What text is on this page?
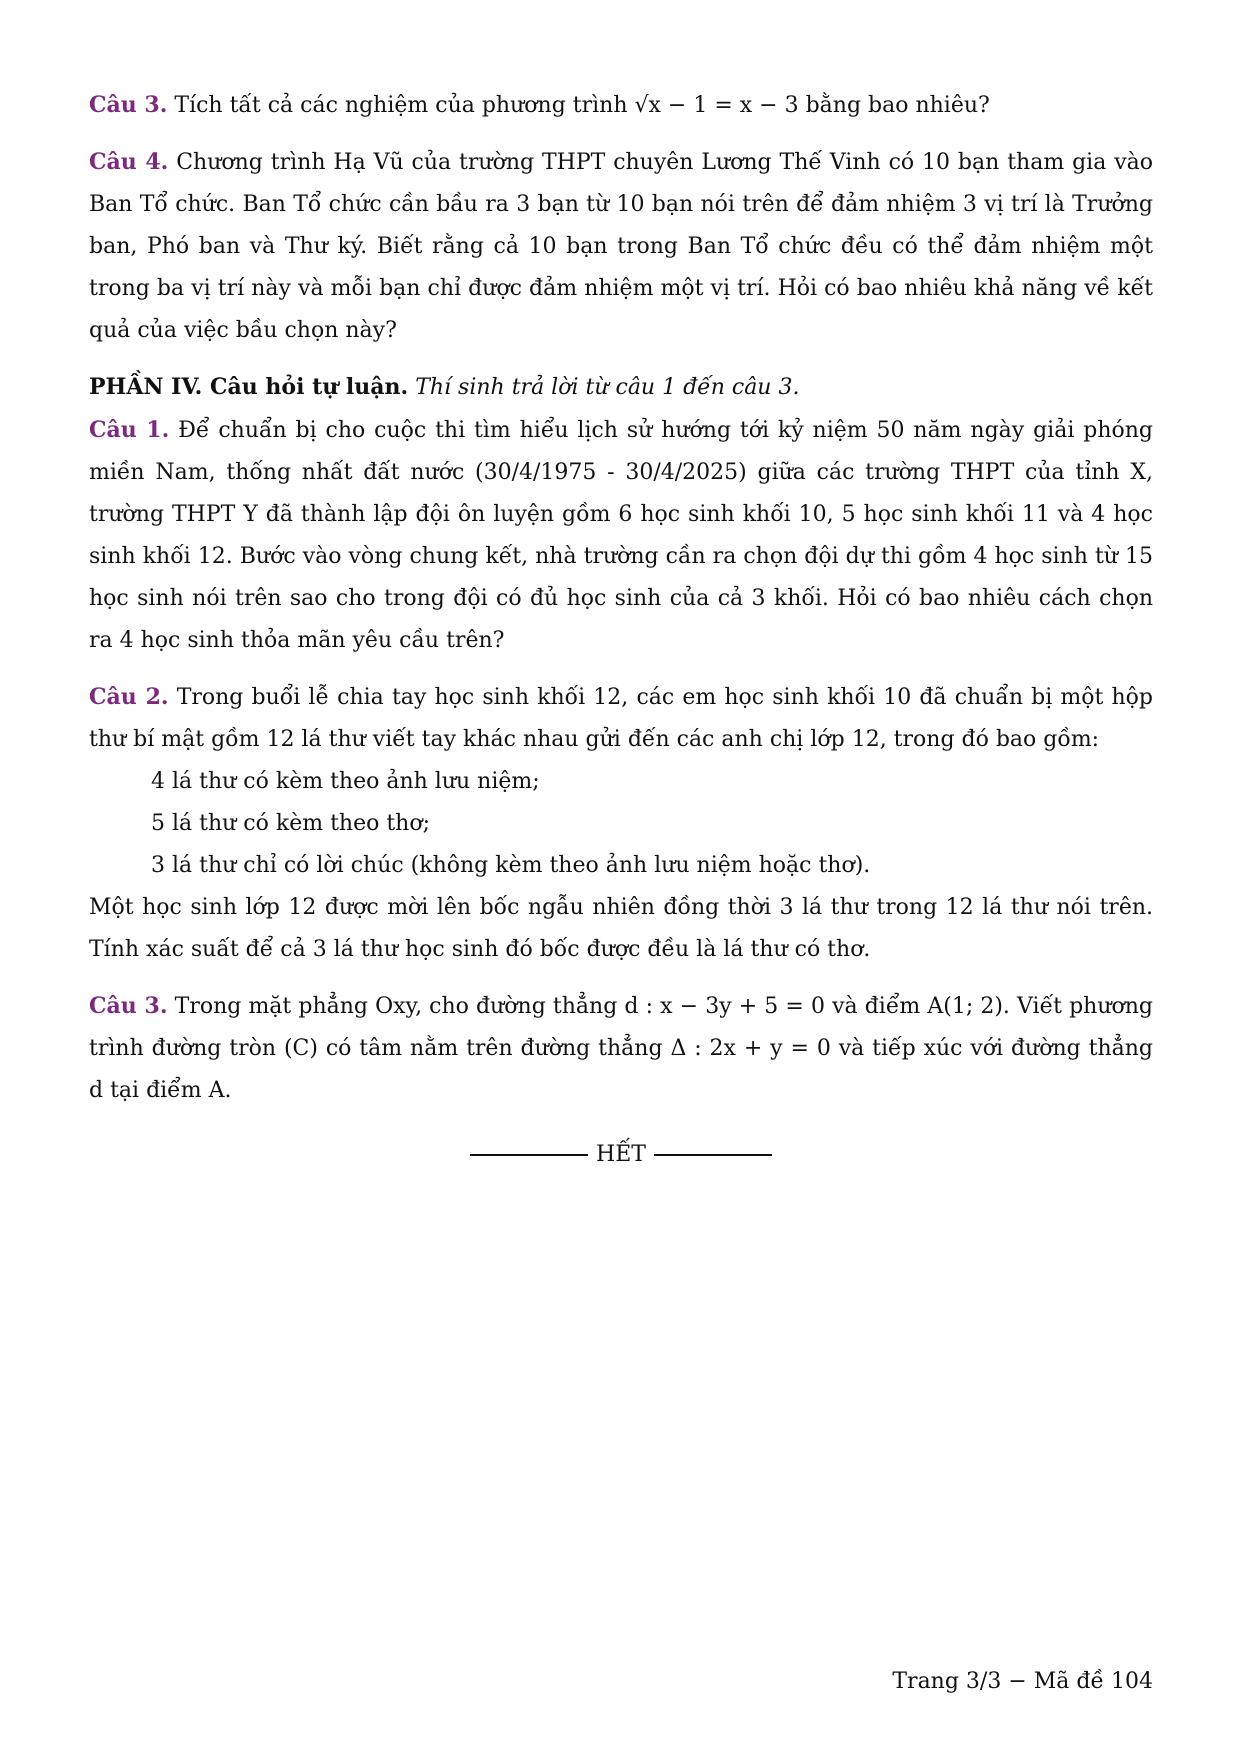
Câu 3. Tích tất cả các nghiệm của phương trình √x − 1 = x − 3 bằng bao nhiêu?

Câu 4. Chương trình Hạ Vũ của trường THPT chuyên Lương Thế Vinh có 10 bạn tham gia vào Ban Tổ chức. Ban Tổ chức cần bầu ra 3 bạn từ 10 bạn nói trên để đảm nhiệm 3 vị trí là Trưởng ban, Phó ban và Thư ký. Biết rằng cả 10 bạn trong Ban Tổ chức đều có thể đảm nhiệm một trong ba vị trí này và mỗi bạn chỉ được đảm nhiệm một vị trí. Hỏi có bao nhiêu khả năng về kết quả của việc bầu chọn này?

PHẦN IV. Câu hỏi tự luận. Thí sinh trả lời từ câu 1 đến câu 3.

Câu 1. Để chuẩn bị cho cuộc thi tìm hiểu lịch sử hướng tới kỷ niệm 50 năm ngày giải phóng miền Nam, thống nhất đất nước (30/4/1975 - 30/4/2025) giữa các trường THPT của tỉnh X, trường THPT Y đã thành lập đội ôn luyện gồm 6 học sinh khối 10, 5 học sinh khối 11 và 4 học sinh khối 12. Bước vào vòng chung kết, nhà trường cần ra chọn đội dự thi gồm 4 học sinh từ 15 học sinh nói trên sao cho trong đội có đủ học sinh của cả 3 khối. Hỏi có bao nhiêu cách chọn ra 4 học sinh thỏa mãn yêu cầu trên?

Câu 2. Trong buổi lễ chia tay học sinh khối 12, các em học sinh khối 10 đã chuẩn bị một hộp thư bí mật gồm 12 lá thư viết tay khác nhau gửi đến các anh chị lớp 12, trong đó bao gồm:

4 lá thư có kèm theo ảnh lưu niệm;

5 lá thư có kèm theo thơ;

3 lá thư chỉ có lời chúc (không kèm theo ảnh lưu niệm hoặc thơ).

Một học sinh lớp 12 được mời lên bốc ngẫu nhiên đồng thời 3 lá thư trong 12 lá thư nói trên. Tính xác suất để cả 3 lá thư học sinh đó bốc được đều là lá thư có thơ.

Câu 3. Trong mặt phẳng Oxy, cho đường thẳng d : x − 3y + 5 = 0 và điểm A(1; 2). Viết phương trình đường tròn (C) có tâm nằm trên đường thẳng Δ : 2x + y = 0 và tiếp xúc với đường thẳng d tại điểm A.

HẾT
Trang 3/3 − Mã đề 104
